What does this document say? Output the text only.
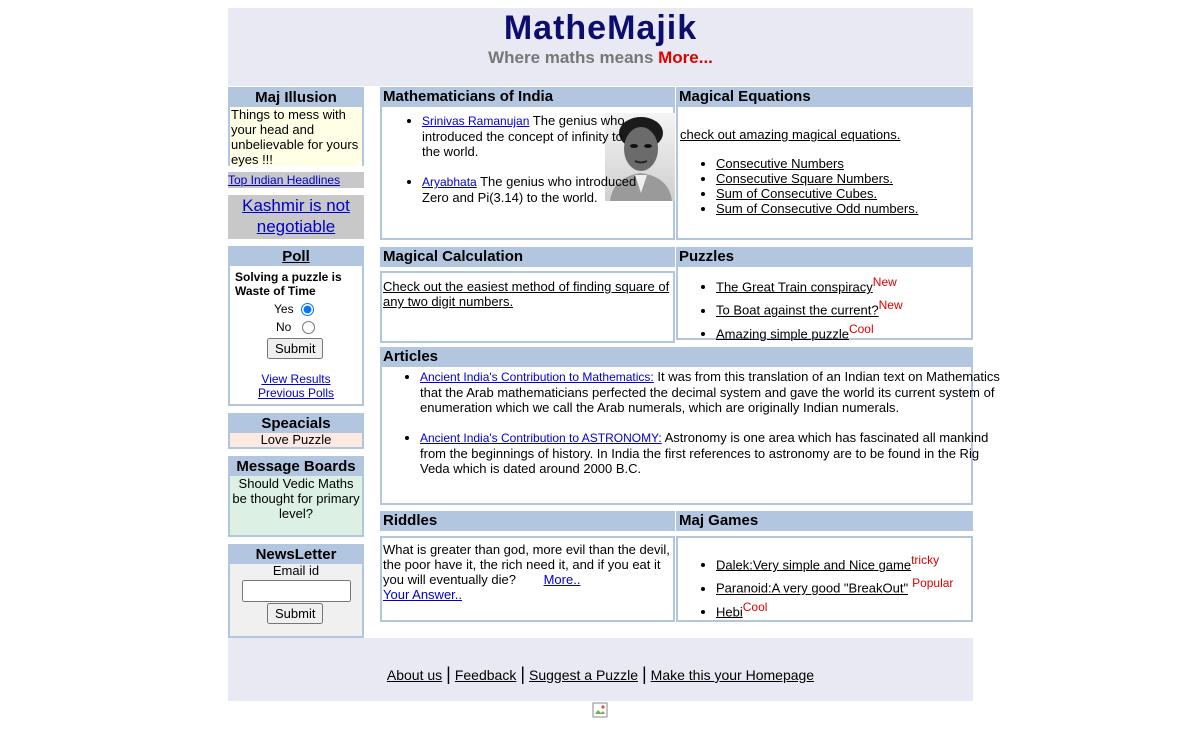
MatheMajik
Where maths means More...
Maj Illusion
Things to mess with your head and unbelievable for yours eyes !!!
Top Indian Headlines
Kashmir is not negotiable
Poll
Solving a puzzle is Waste of Time
Yes
No
Submit
View Results
Previous Polls
Speacials
Love Puzzle
Message Boards
Should Vedic Maths be thought for primary level?
NewsLetter
Email id
Submit
Mathematicians of India
• Srinivas Ramanujan The genius who introduced the concept of infinity to the world.
• Aryabhata The genius who introduced Zero and Pi(3.14) to the world.
Magical Equations
check out amazing magical equations.
• Consecutive Numbers
• Consecutive Square Numbers.
• Sum of Consecutive Cubes.
• Sum of Consecutive Odd numbers.
Magical Calculation
Check out the easiest method of finding square of any two digit numbers.
Puzzles
• The Great Train conspiracyNew
• To Boat against the current?New
• Amazing simple puzzleCool
Articles
• Ancient India's Contribution to Mathematics: It was from this translation of an Indian text on Mathematics that the Arab mathematicians perfected the decimal system and gave the world its current system of enumeration which we call the Arab numerals, which are originally Indian numerals.
• Ancient India's Contribution to ASTRONOMY: Astronomy is one area which has fascinated all mankind from the beginnings of history. In India the first references to astronomy are to be found in the Rig Veda which is dated around 2000 B.C.
Riddles
What is greater than god, more evil than the devil, the poor have it, the rich need it, and if you eat it you will eventually die? More..
Your Answer..
Maj Games
• Dalek:Very simple and Nice gametricky
• Paranoid:A very good "BreakOut" Popular
• HebiCool
About us | Feedback | Suggest a Puzzle | Make this your Homepage
